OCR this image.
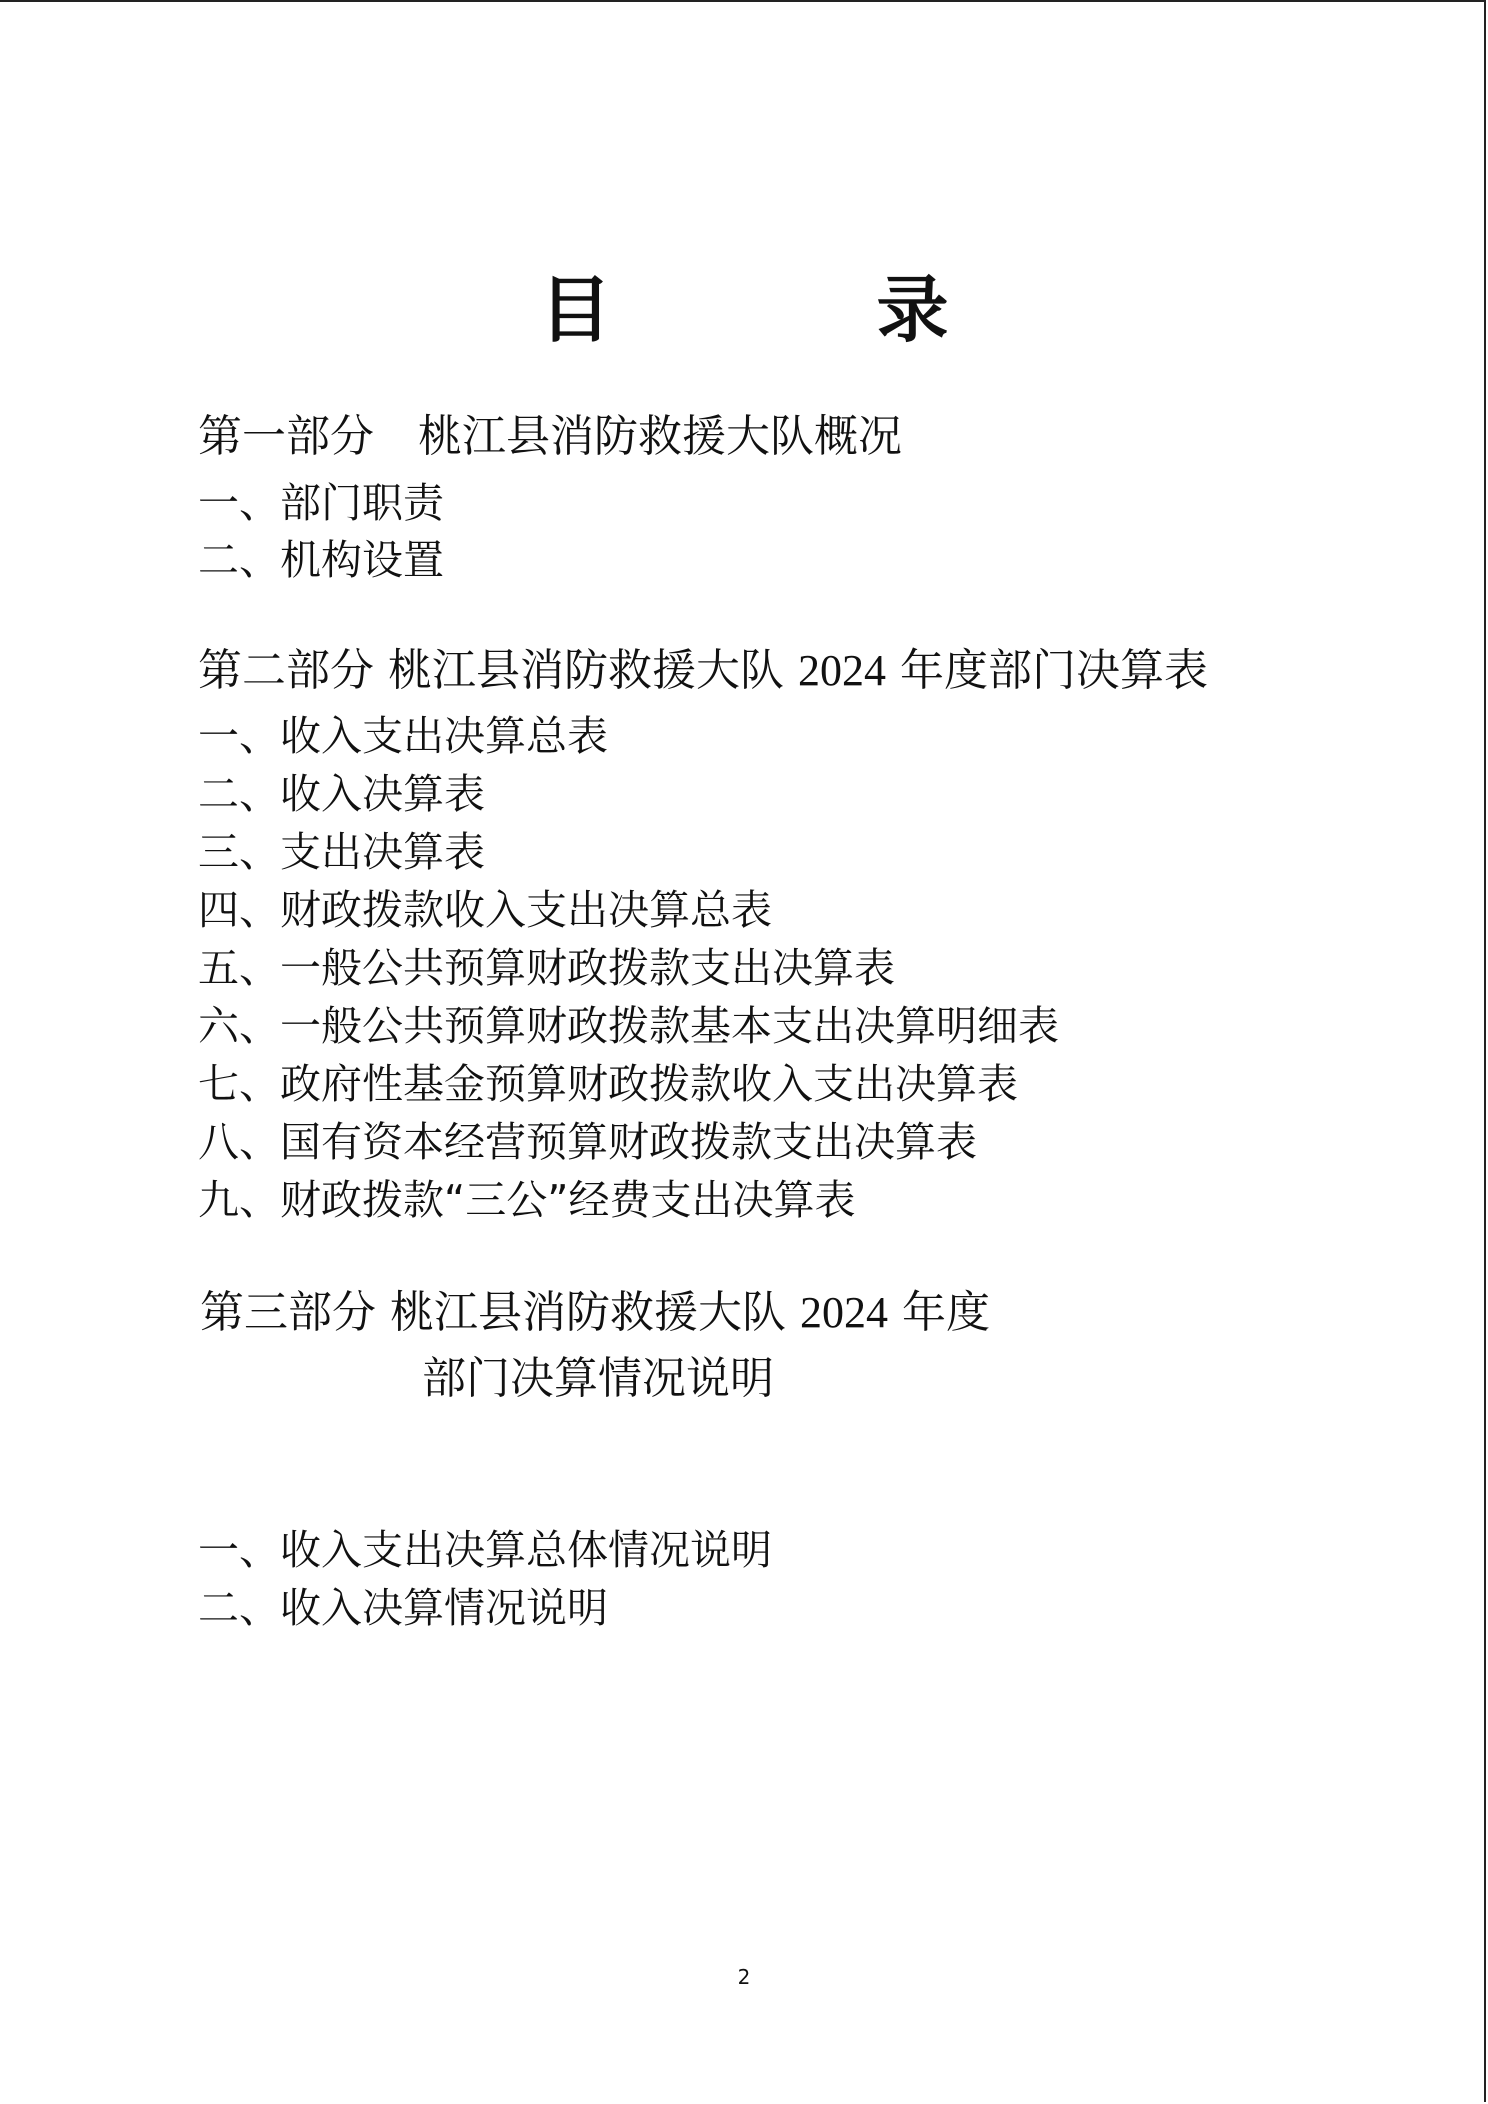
目 录
第一部分　桃江县消防救援大队概况
一、部门职责
二、机构设置
第二部分 桃江县消防救援大队 2024 年度部门决算表
一、收入支出决算总表
二、收入决算表
三、支出决算表
四、财政拨款收入支出决算总表
五、一般公共预算财政拨款支出决算表
六、一般公共预算财政拨款基本支出决算明细表
七、政府性基金预算财政拨款收入支出决算表
八、国有资本经营预算财政拨款支出决算表
九、财政拨款“三公”经费支出决算表
第三部分 桃江县消防救援大队 2024 年度
部门决算情况说明
一、收入支出决算总体情况说明
二、收入决算情况说明
2
